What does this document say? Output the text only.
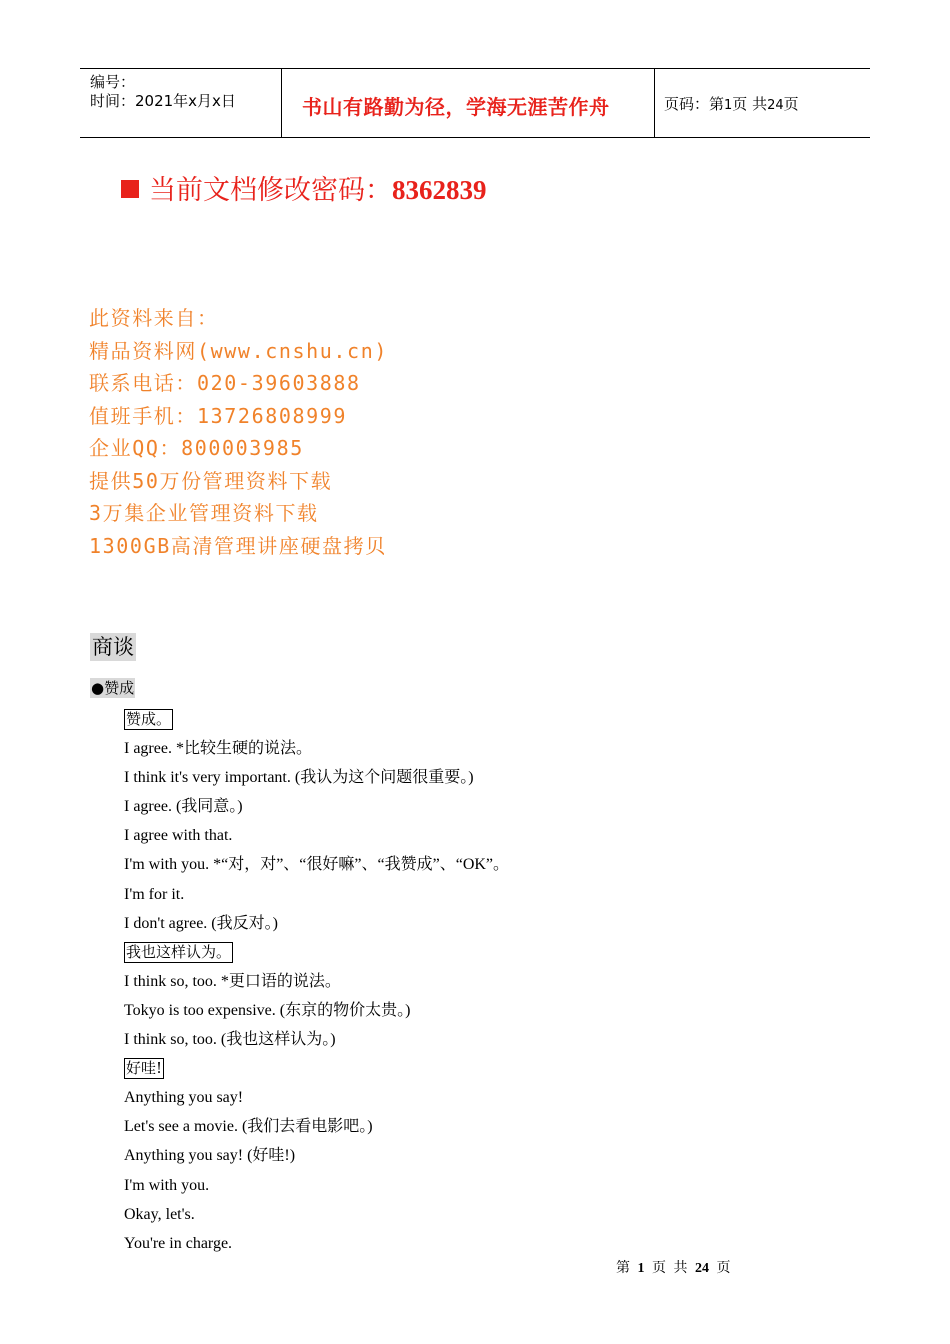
编号：
时间：2021年x月x日	书山有路勤为径，学海无涯苦作舟	页码：第1页 共24页
当前文档修改密码：8362839
此资料来自：
精品资料网(www.cnshu.cn)
联系电话：020-39603888
值班手机：13726808999
企业QQ：800003985
提供50万份管理资料下载
3万集企业管理资料下载
1300GB高清管理讲座硬盘拷贝
商谈
●赞成
赞成。
I agree. *比较生硬的说法。
I think it's very important. (我认为这个问题很重要。)
I agree. (我同意。)
I agree with that.
I'm with you. *“对，对”、“很好嘛”、“我赞成”、“OK”。
I'm for it.
I don't agree. (我反对。)
我也这样认为。
I think so, too. *更口语的说法。
Tokyo is too expensive. (东京的物价太贵。)
I think so, too. (我也这样认为。)
好哇!
Anything you say!
Let's see a movie. (我们去看电影吧。)
Anything you say! (好哇!)
I'm with you.
Okay, let's.
You're in charge.
第 1 页 共 24 页
